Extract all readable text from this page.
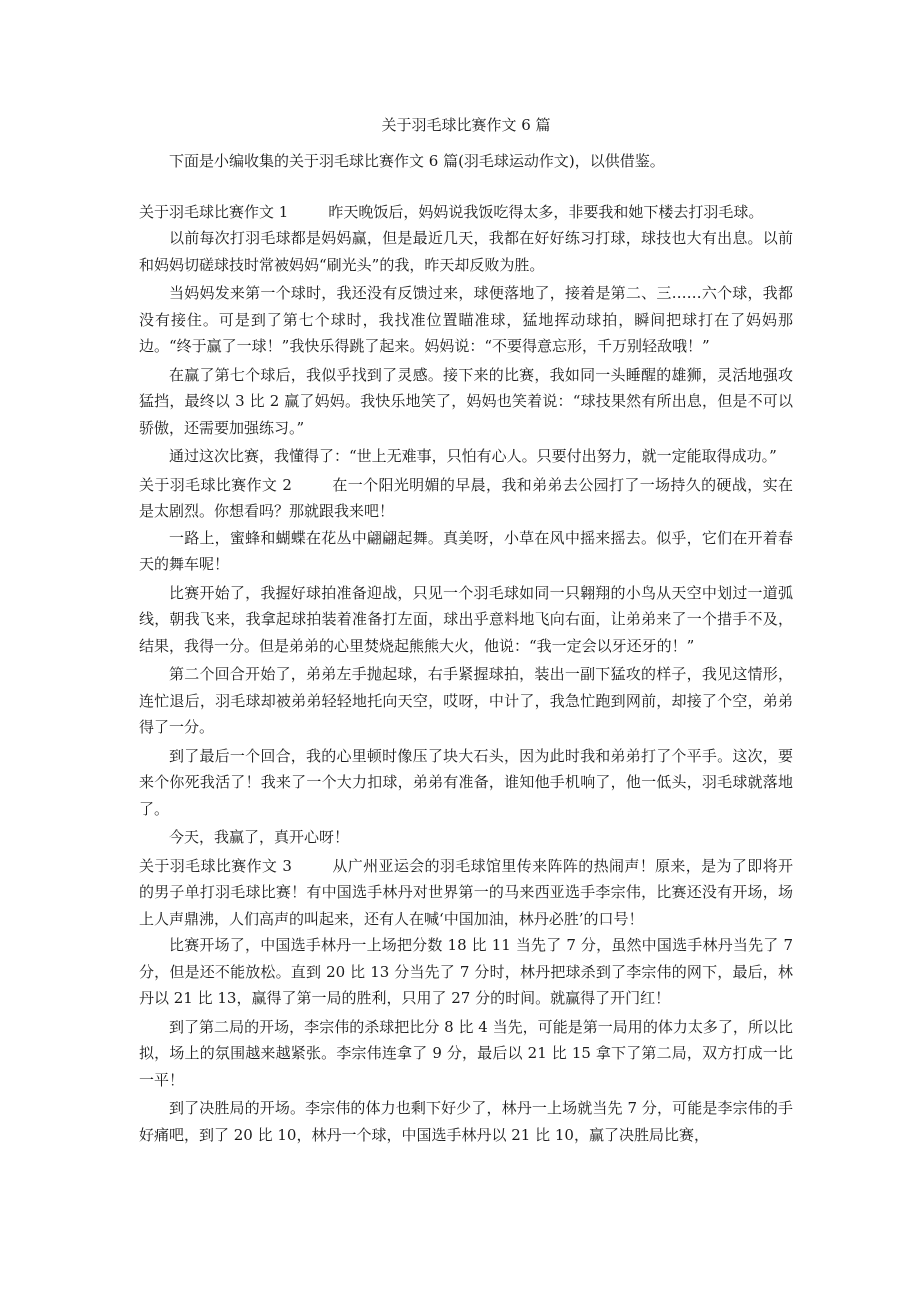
关于羽毛球比赛作文 6 篇

下面是小编收集的关于羽毛球比赛作文 6 篇(羽毛球运动作文)，以供借鉴。

关于羽毛球比赛作文 1	昨天晚饭后，妈妈说我饭吃得太多，非要我和她下楼去打羽毛球。

以前每次打羽毛球都是妈妈赢，但是最近几天，我都在好好练习打球，球技也大有出息。以前和妈妈切磋球技时常被妈妈“刷光头”的我，昨天却反败为胜。

当妈妈发来第一个球时，我还没有反馈过来，球便落地了，接着是第二、三……六个球，我都没有接住。可是到了第七个球时，我找准位置瞄准球，猛地挥动球拍，瞬间把球打在了妈妈那边。“终于赢了一球！”我快乐得跳了起来。妈妈说：“不要得意忘形，千万别轻敌哦！”

在赢了第七个球后，我似乎找到了灵感。接下来的比赛，我如同一头睡醒的雄狮，灵活地强攻猛挡，最终以 3 比 2 赢了妈妈。我快乐地笑了，妈妈也笑着说：“球技果然有所出息，但是不可以骄傲，还需要加强练习。”

通过这次比赛，我懂得了：“世上无难事，只怕有心人。只要付出努力，就一定能取得成功。”

关于羽毛球比赛作文 2	在一个阳光明媚的早晨，我和弟弟去公园打了一场持久的硬战，实在是太剧烈。你想看吗？那就跟我来吧！

一路上，蜜蜂和蝴蝶在花丛中翩翩起舞。真美呀，小草在风中摇来摇去。似乎，它们在开着春天的舞车呢！

比赛开始了，我握好球拍准备迎战，只见一个羽毛球如同一只翱翔的小鸟从天空中划过一道弧线，朝我飞来，我拿起球拍装着准备打左面，球出乎意料地飞向右面，让弟弟来了一个措手不及，结果，我得一分。但是弟弟的心里焚烧起熊熊大火，他说：“我一定会以牙还牙的！”

第二个回合开始了，弟弟左手抛起球，右手紧握球拍，装出一副下猛攻的样子，我见这情形，连忙退后，羽毛球却被弟弟轻轻地托向天空，哎呀，中计了，我急忙跑到网前，却接了个空，弟弟得了一分。

到了最后一个回合，我的心里顿时像压了块大石头，因为此时我和弟弟打了个平手。这次，要来个你死我活了！我来了一个大力扣球，弟弟有准备，谁知他手机响了，他一低头，羽毛球就落地了。

今天，我赢了，真开心呀！

关于羽毛球比赛作文 3	从广州亚运会的羽毛球馆里传来阵阵的热闹声！原来，是为了即将开的男子单打羽毛球比赛！有中国选手林丹对世界第一的马来西亚选手李宗伟，比赛还没有开场，场上人声鼎沸，人们高声的叫起来，还有人在喊‘中国加油，林丹必胜’的口号！

比赛开场了，中国选手林丹一上场把分数 18 比 11 当先了 7 分，虽然中国选手林丹当先了 7 分，但是还不能放松。直到 20 比 13 分当先了 7 分时，林丹把球杀到了李宗伟的网下，最后，林丹以 21 比 13，赢得了第一局的胜利，只用了 27 分的时间。就赢得了开门红！

到了第二局的开场，李宗伟的杀球把比分 8 比 4 当先，可能是第一局用的体力太多了，所以比拟，场上的氛围越来越紧张。李宗伟连拿了 9 分，最后以 21 比 15 拿下了第二局，双方打成一比一平！

到了决胜局的开场。李宗伟的体力也剩下好少了，林丹一上场就当先 7 分，可能是李宗伟的手好痛吧，到了 20 比 10，林丹一个球，中国选手林丹以 21 比 10，赢了决胜局比赛，
